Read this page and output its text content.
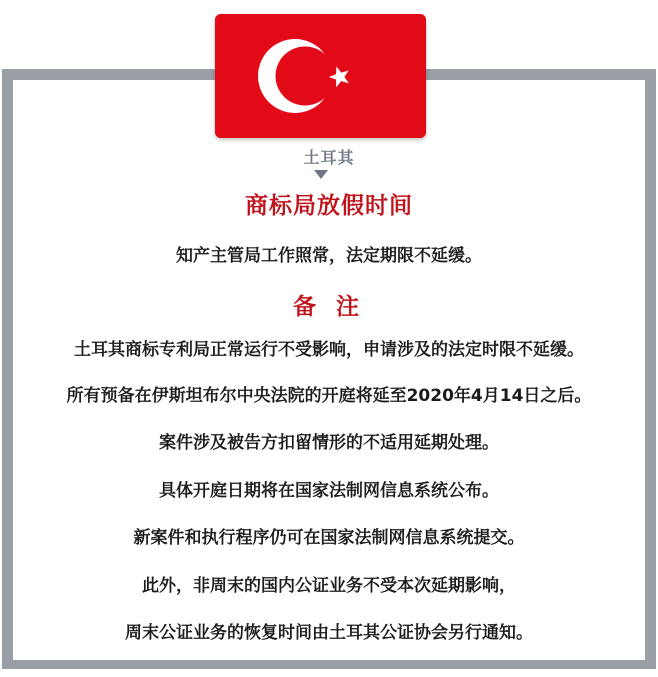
土耳其
商标局放假时间
知产主管局工作照常，法定期限不延缓。
备 注
土耳其商标专利局正常运行不受影响，申请涉及的法定时限不延缓。
所有预备在伊斯坦布尔中央法院的开庭将延至2020年4月14日之后。
案件涉及被告方扣留情形的不适用延期处理。
具体开庭日期将在国家法制网信息系统公布。
新案件和执行程序仍可在国家法制网信息系统提交。
此外，非周末的国内公证业务不受本次延期影响，
周末公证业务的恢复时间由土耳其公证协会另行通知。
